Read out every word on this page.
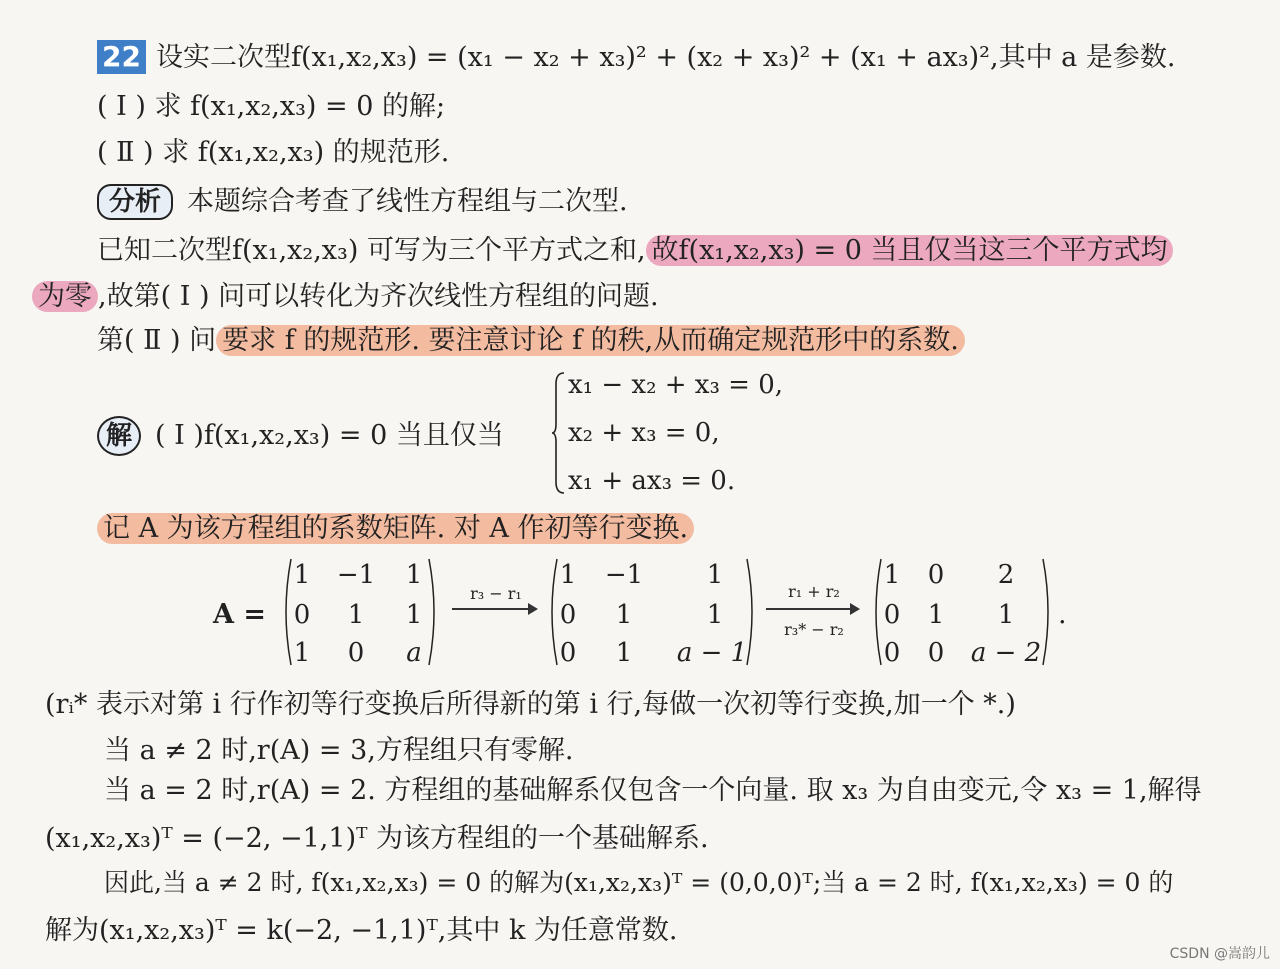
22 设实二次型f(x₁,x₂,x₃) = (x₁ − x₂ + x₃)² + (x₂ + x₃)² + (x₁ + ax₃)²,其中 a 是参数.
( Ⅰ ) 求 f(x₁,x₂,x₃) = 0 的解;
( Ⅱ ) 求 f(x₁,x₂,x₃) 的规范形.
分析 本题综合考查了线性方程组与二次型.
已知二次型f(x₁,x₂,x₃) 可写为三个平方式之和, 故f(x₁,x₂,x₃) = 0 当且仅当这三个平方式均
为零 ,故第( Ⅰ ) 问可以转化为齐次线性方程组的问题.
第( Ⅱ ) 问 要求 f 的规范形. 要注意讨论 f 的秩,从而确定规范形中的系数.
解 ( Ⅰ )f(x₁,x₂,x₃) = 0 当且仅当
x₁ − x₂ + x₃ = 0,
x₂ + x₃ = 0,
x₁ + ax₃ = 0.
记 A 为该方程组的系数矩阵. 对 A 作初等行变换.
A =
1	−1	1
0	1	1
1	0	a
r₃ − r₁
1	−1	1
0	1	1
0	1	a − 1
r₁ + r₂
r₃* − r₂
1	0	2
0	1	1
0	0	a − 2
.
(rᵢ* 表示对第 i 行作初等行变换后所得新的第 i 行,每做一次初等行变换,加一个 *.)
当 a ≠ 2 时,r(A) = 3,方程组只有零解.
当 a = 2 时,r(A) = 2. 方程组的基础解系仅包含一个向量. 取 x₃ 为自由变元,令 x₃ = 1,解得
(x₁,x₂,x₃)ᵀ = (−2, −1,1)ᵀ 为该方程组的一个基础解系.
因此,当 a ≠ 2 时, f(x₁,x₂,x₃) = 0 的解为(x₁,x₂,x₃)ᵀ = (0,0,0)ᵀ;当 a = 2 时, f(x₁,x₂,x₃) = 0 的
解为(x₁,x₂,x₃)ᵀ = k(−2, −1,1)ᵀ,其中 k 为任意常数.
CSDN @嵩韵儿
